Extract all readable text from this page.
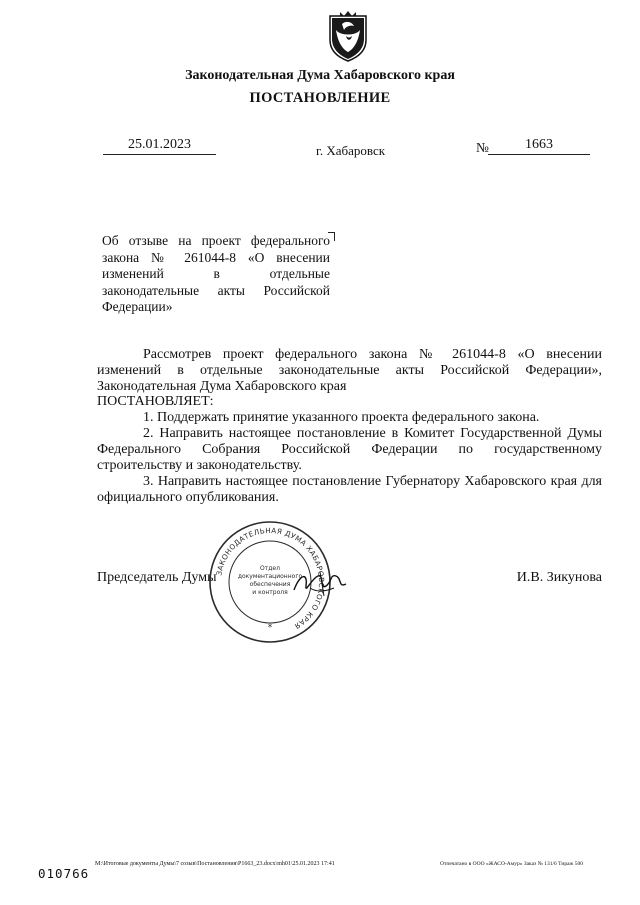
Законодательная Дума Хабаровского края
ПОСТАНОВЛЕНИЕ
25.01.2023	г. Хабаровск	№	1663
Об отзыве на проект федерального
закона № 261044-8 «О внесении
изменений в отдельные
законодательные акты Российской
Федерации»
Рассмотрев проект федерального закона № 261044-8 «О внесении изменений в отдельные законодательные акты Российской Федерации», Законодательная Дума Хабаровского края
ПОСТАНОВЛЯЕТ:
1. Поддержать принятие указанного проекта федерального закона.
2. Направить настоящее постановление в Комитет Государственной Думы Федерального Собрания Российской Федерации по государственному строительству и законодательству.
3. Направить настоящее постановление Губернатору Хабаровского края для официального опубликования.
Председатель Думы	И.В. Зикунова
ЗАКОНОДАТЕЛЬНАЯ ДУМА ХАБАРОВСКОГО КРАЯ
Отдел
документационного
обеспечения
и контроля
*
010766
M:\Итоговые документы Думы\7 созыв\Постановления\Р1663_23.docx\mh01\25.01.2023 17:41	Отпечатано в ООО «ЖАСО-Амур» Заказ № 131/6 Тираж 500
